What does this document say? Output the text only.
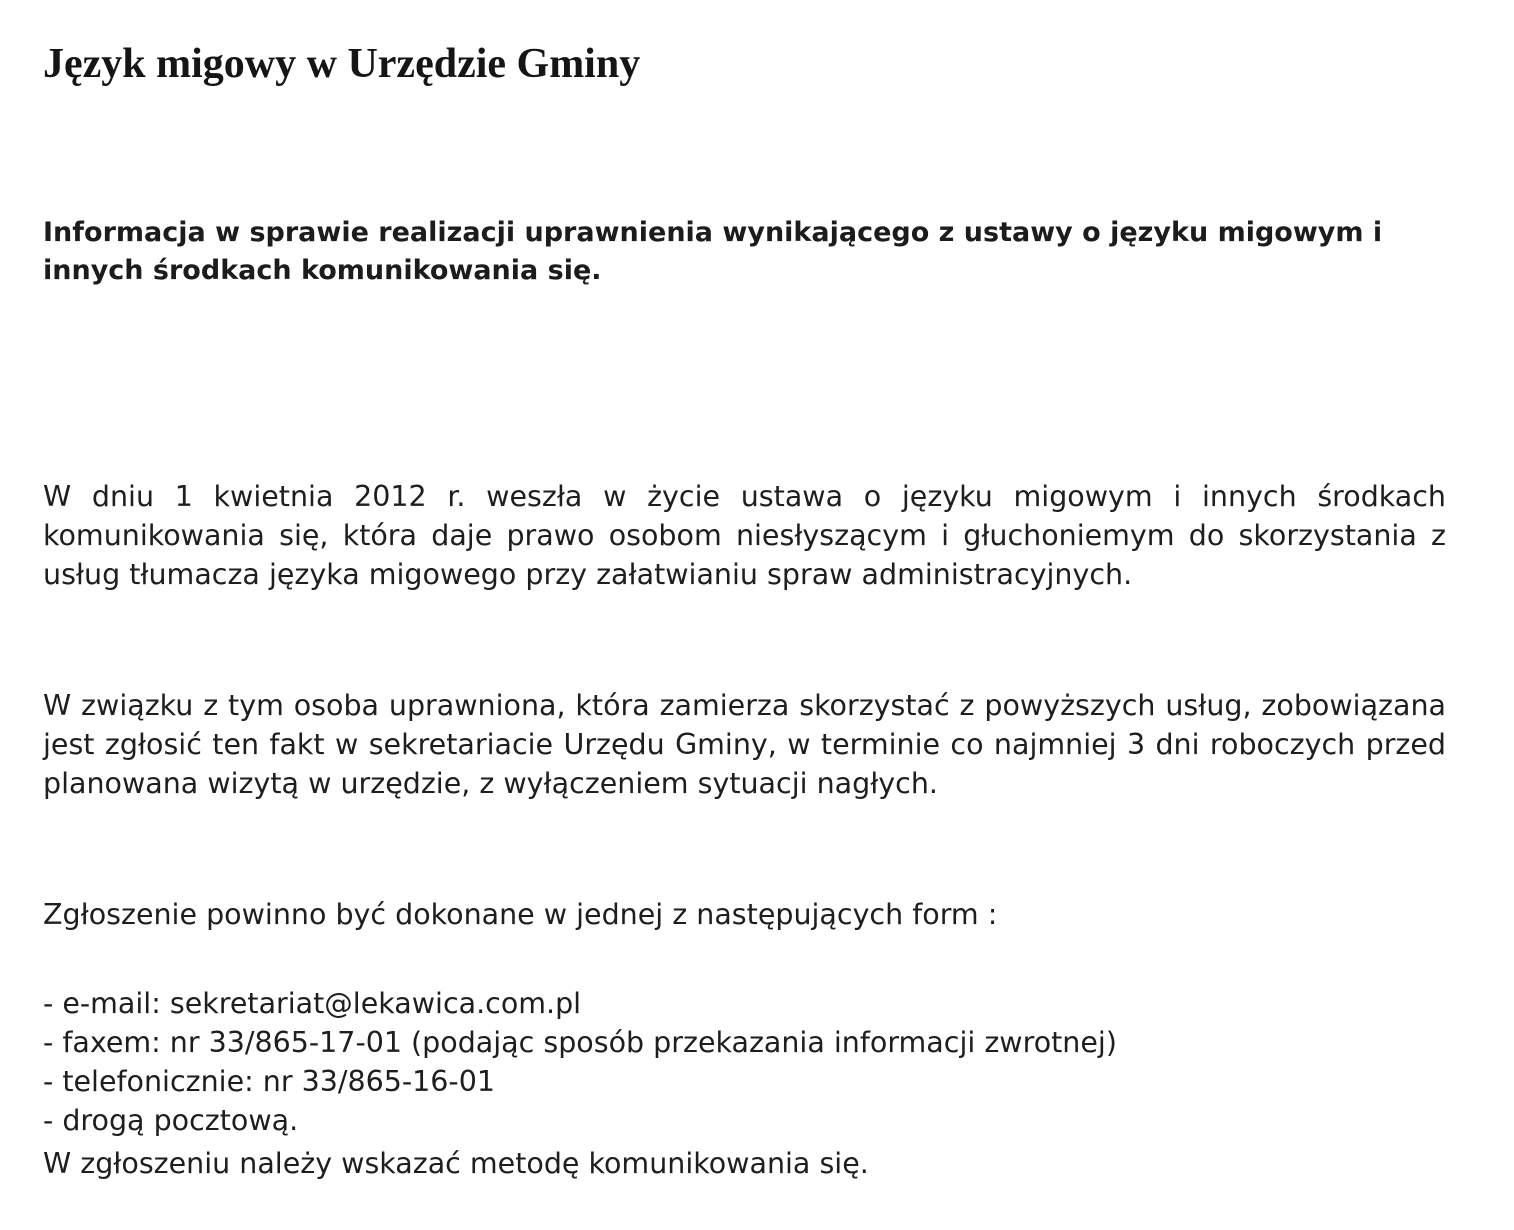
Język migowy w Urzędzie Gminy
Informacja w sprawie realizacji uprawnienia wynikającego z ustawy o języku migowym i innych środkach komunikowania się.

W dniu 1 kwietnia 2012 r. weszła w życie ustawa o języku migowym i innych środkach komunikowania się, która daje prawo osobom niesłyszącym i głuchoniemym do skorzystania z usług tłumacza języka migowego przy załatwianiu spraw administracyjnych.

W związku z tym osoba uprawniona, która zamierza skorzystać z powyższych usług, zobowiązana jest zgłosić ten fakt w sekretariacie Urzędu Gminy, w terminie co najmniej 3 dni roboczych przed planowana wizytą w urzędzie, z wyłączeniem sytuacji nagłych.

Zgłoszenie powinno być dokonane w jednej z następujących form :

- e-mail: sekretariat@lekawica.com.pl
- faxem: nr 33/865-17-01 (podając sposób przekazania informacji zwrotnej)
- telefonicznie: nr 33/865-16-01
- drogą pocztową.

W zgłoszeniu należy wskazać metodę komunikowania się.
